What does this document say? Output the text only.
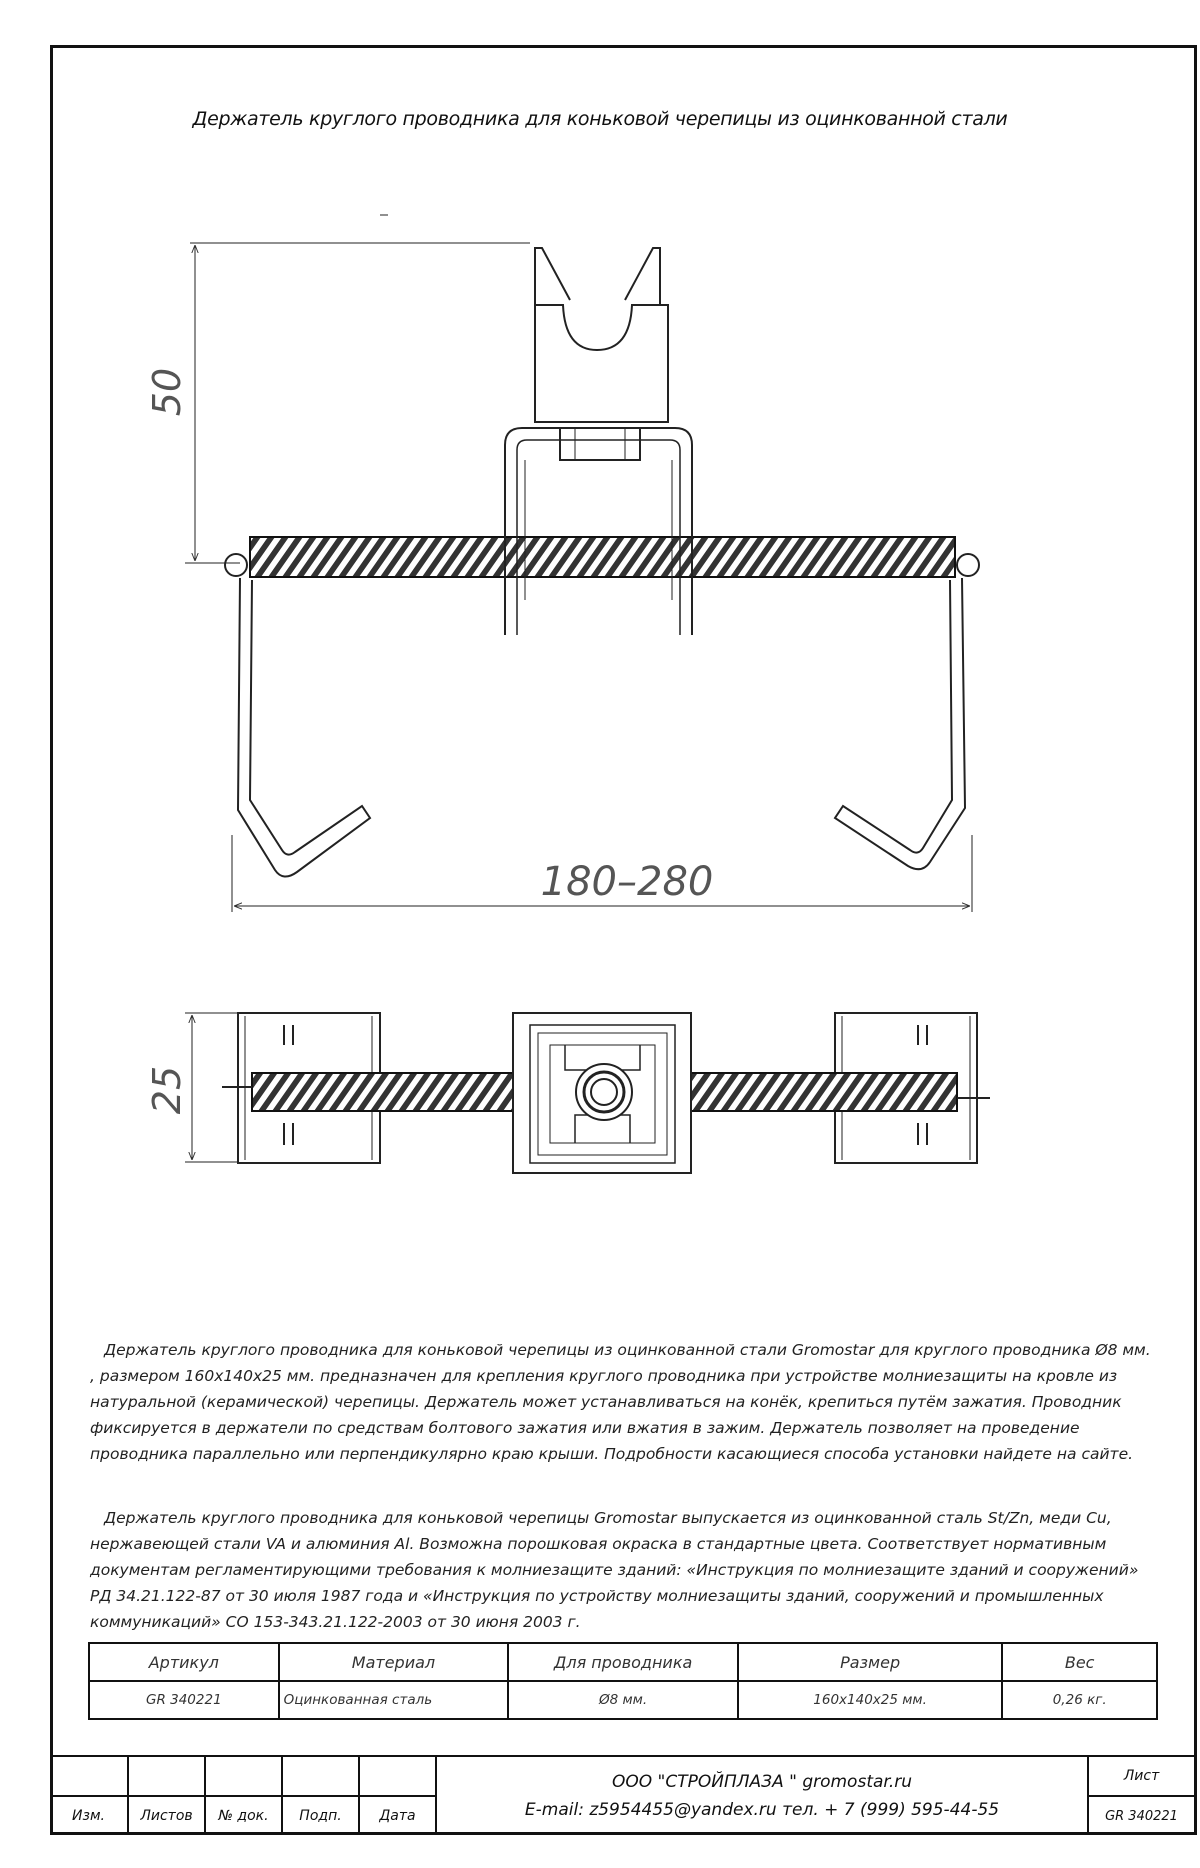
Держатель круглого проводника для коньковой черепицы из оцинкованной стали
50
180–280
25

Держатель круглого проводника для коньковой черепицы из оцинкованной стали Gromostar для круглого проводника Ø8 мм. , размером 160х140х25 мм. предназначен для крепления круглого проводника при устройстве молниезащиты на кровле из натуральной (керамической) черепицы. Держатель может устанавливаться на конёк, крепиться путём зажатия. Проводник фиксируется в держатели по средствам болтового зажатия или вжатия в зажим. Держатель позволяет на проведение проводника параллельно или перпендикулярно краю крыши. Подробности касающиеся способа установки найдете на сайте.

Держатель круглого проводника для коньковой черепицы Gromostar выпускается из оцинкованной сталь St/Zn, меди Cu, нержавеющей стали VA и алюминия Al. Возможна порошковая окраска в стандартные цвета. Соответствует нормативным документам регламентирующими требования к молниезащите зданий: «Инструкция по молниезащите зданий и сооружений» РД 34.21.122-87 от 30 июля 1987 года и «Инструкция по устройству молниезащиты зданий, сооружений и промышленных коммуникаций» СО 153-343.21.122-2003 от 30 июня 2003 г.

Артикул	Материал	Для проводника	Размер	Вес
GR 340221	Оцинкованная сталь	Ø8 мм.	160х140х25 мм.	0,26 кг.
Изм.	Листов	№ док.	Подп.	Дата
ООО "СТРОЙПЛАЗА " gromostar.ru
E-mail: z5954455@yandex.ru тел. + 7 (999) 595-44-55
Лист
GR 340221
